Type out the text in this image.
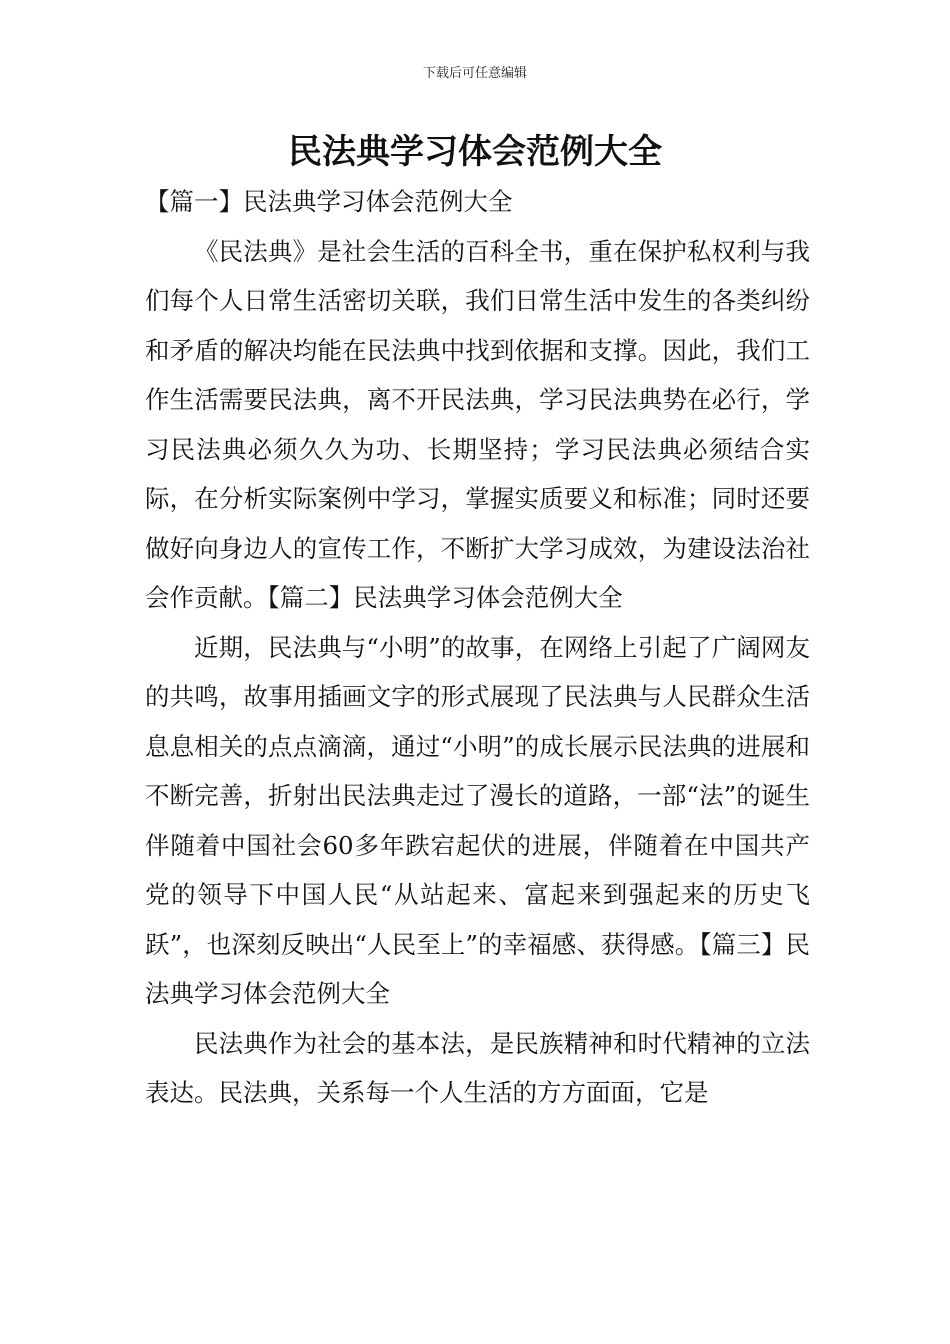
下载后可任意编辑
民法典学习体会范例大全

【篇一】民法典学习体会范例大全

《民法典》是社会生活的百科全书，重在保护私权利与我们每个人日常生活密切关联，我们日常生活中发生的各类纠纷和矛盾的解决均能在民法典中找到依据和支撑。因此，我们工作生活需要民法典，离不开民法典，学习民法典势在必行，学习民法典必须久久为功、长期坚持；学习民法典必须结合实际，在分析实际案例中学习，掌握实质要义和标准；同时还要做好向身边人的宣传工作，不断扩大学习成效，为建设法治社会作贡献。【篇二】民法典学习体会范例大全

近期，民法典与“小明”的故事，在网络上引起了广阔网友的共鸣，故事用插画文字的形式展现了民法典与人民群众生活息息相关的点点滴滴，通过“小明”的成长展示民法典的进展和不断完善，折射出民法典走过了漫长的道路，一部“法”的诞生伴随着中国社会60多年跌宕起伏的进展，伴随着在中国共产党的领导下中国人民“从站起来、富起来到强起来的历史飞跃”，也深刻反映出“人民至上”的幸福感、获得感。【篇三】民法典学习体会范例大全

民法典作为社会的基本法，是民族精神和时代精神的立法表达。民法典，关系每一个人生活的方方面面，它是
